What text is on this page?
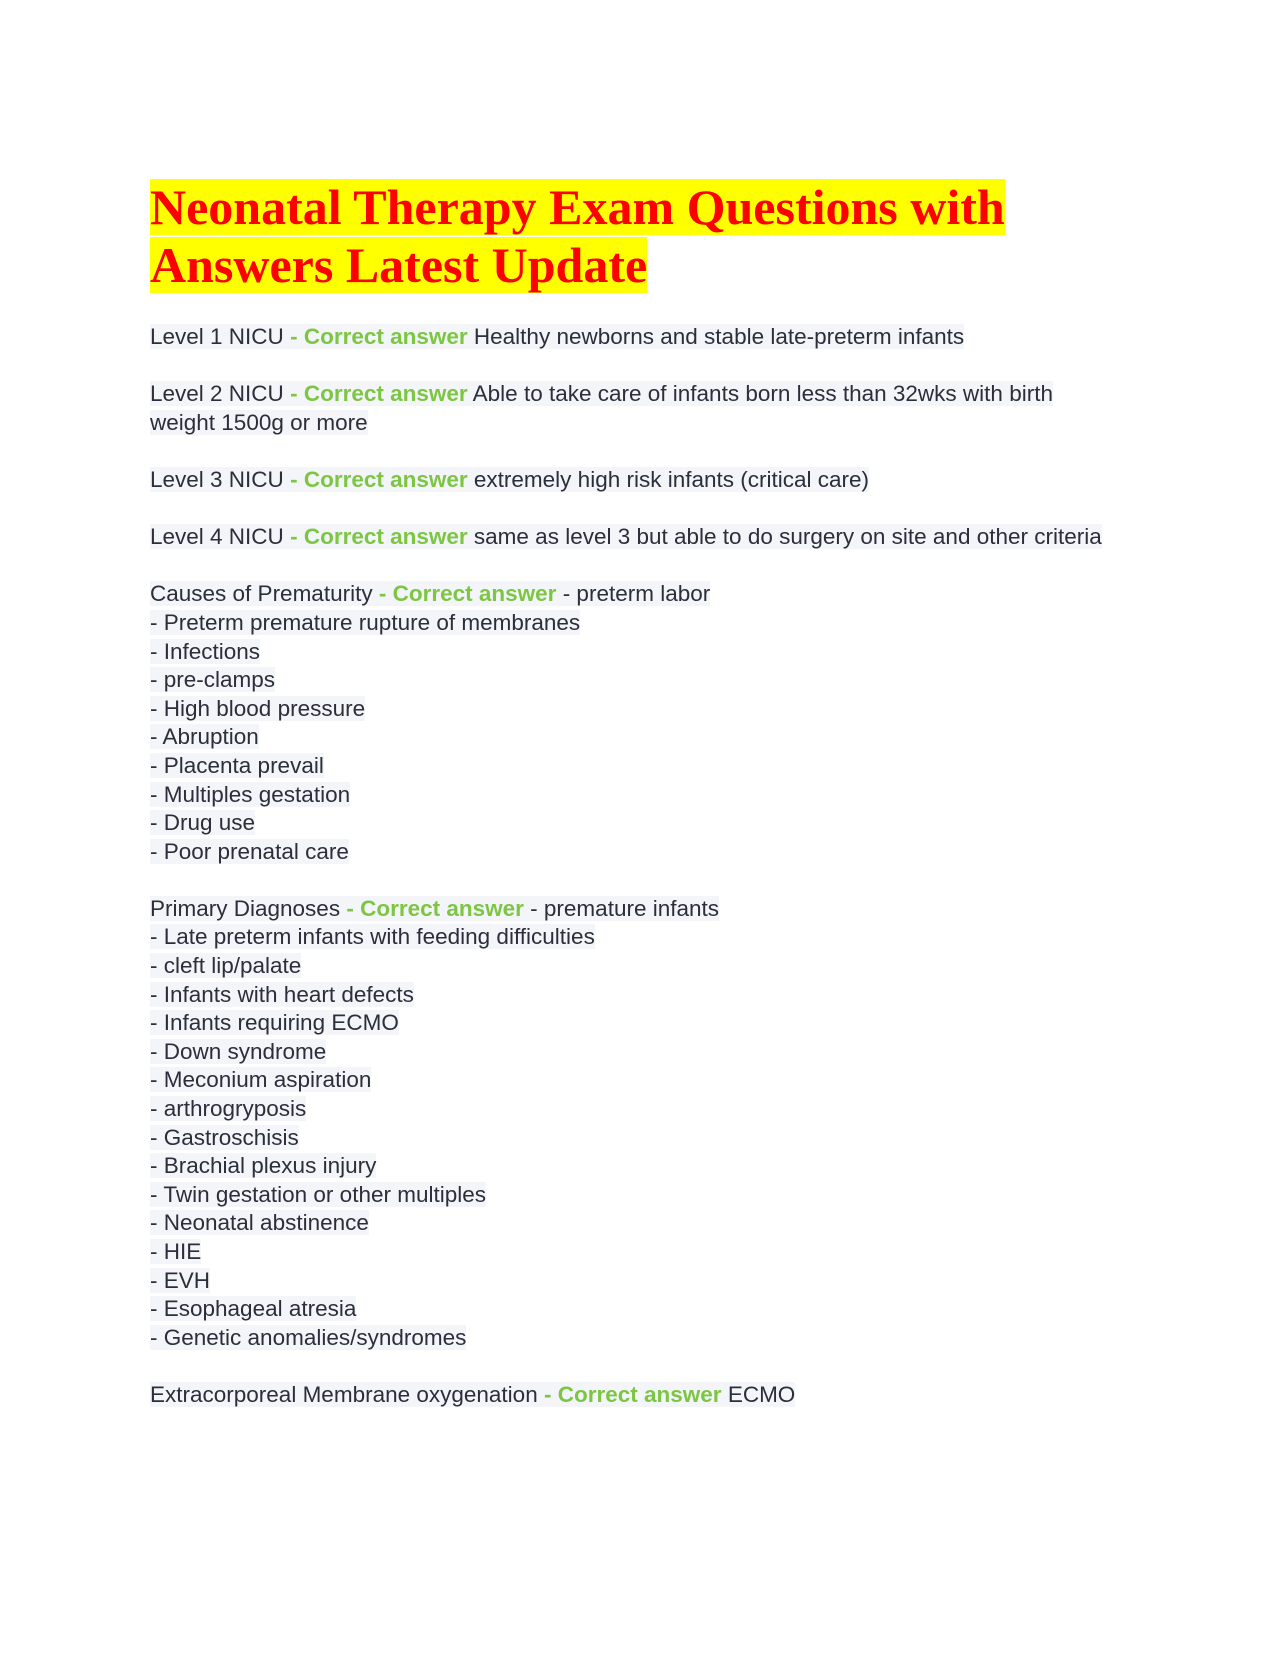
Neonatal Therapy Exam Questions with Answers Latest Update

Level 1 NICU - Correct answer Healthy newborns and stable late-preterm infants

Level 2 NICU - Correct answer Able to take care of infants born less than 32wks with birth weight 1500g or more

Level 3 NICU - Correct answer extremely high risk infants (critical care)

Level 4 NICU - Correct answer same as level 3 but able to do surgery on site and other criteria

Causes of Prematurity - Correct answer - preterm labor
- Preterm premature rupture of membranes
- Infections
- pre-clamps
- High blood pressure
- Abruption
- Placenta prevail
- Multiples gestation
- Drug use
- Poor prenatal care

Primary Diagnoses - Correct answer - premature infants
- Late preterm infants with feeding difficulties
- cleft lip/palate
- Infants with heart defects
- Infants requiring ECMO
- Down syndrome
- Meconium aspiration
- arthrogryposis
- Gastroschisis
- Brachial plexus injury
- Twin gestation or other multiples
- Neonatal abstinence
- HIE
- EVH
- Esophageal atresia
- Genetic anomalies/syndromes

Extracorporeal Membrane oxygenation - Correct answer ECMO
